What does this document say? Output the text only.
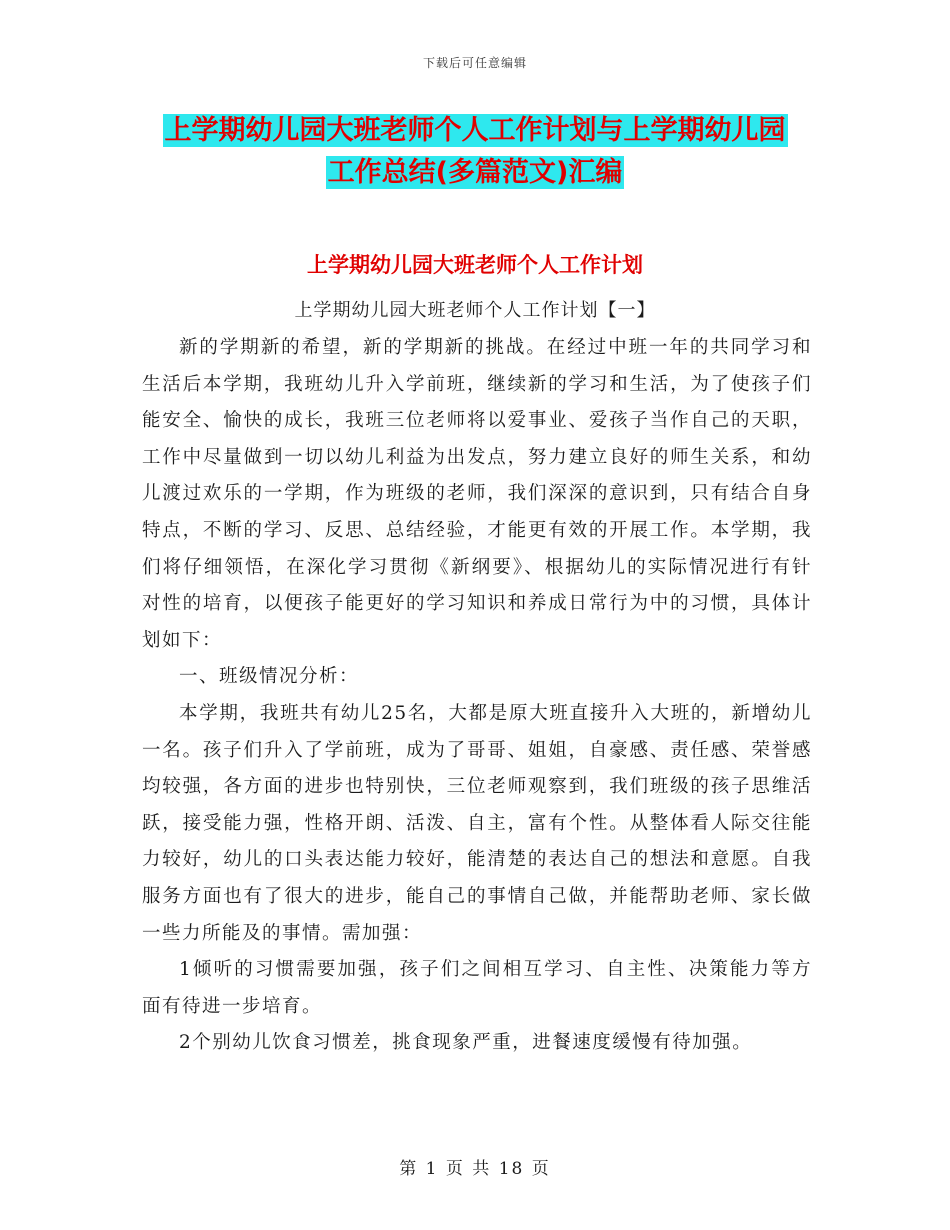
下载后可任意编辑
上学期幼儿园大班老师个人工作计划与上学期幼儿园
工作总结(多篇范文)汇编
上学期幼儿园大班老师个人工作计划
上学期幼儿园大班老师个人工作计划【一】

新的学期新的希望，新的学期新的挑战。在经过中班一年的共同学习和生活后本学期，我班幼儿升入学前班，继续新的学习和生活，为了使孩子们能安全、愉快的成长，我班三位老师将以爱事业、爱孩子当作自己的天职，工作中尽量做到一切以幼儿利益为出发点，努力建立良好的师生关系，和幼儿渡过欢乐的一学期，作为班级的老师，我们深深的意识到，只有结合自身特点，不断的学习、反思、总结经验，才能更有效的开展工作。本学期，我们将仔细领悟，在深化学习贯彻《新纲要》、根据幼儿的实际情况进行有针对性的培育，以便孩子能更好的学习知识和养成日常行为中的习惯，具体计划如下：

一、班级情况分析：

本学期，我班共有幼儿25名，大都是原大班直接升入大班的，新增幼儿一名。孩子们升入了学前班，成为了哥哥、姐姐，自豪感、责任感、荣誉感均较强，各方面的进步也特别快，三位老师观察到，我们班级的孩子思维活跃，接受能力强，性格开朗、活泼、自主，富有个性。从整体看人际交往能力较好，幼儿的口头表达能力较好，能清楚的表达自己的想法和意愿。自我服务方面也有了很大的进步，能自己的事情自己做，并能帮助老师、家长做一些力所能及的事情。需加强：

1倾听的习惯需要加强，孩子们之间相互学习、自主性、决策能力等方面有待进一步培育。

2个别幼儿饮食习惯差，挑食现象严重，进餐速度缓慢有待加强。

第 1 页 共 18 页
